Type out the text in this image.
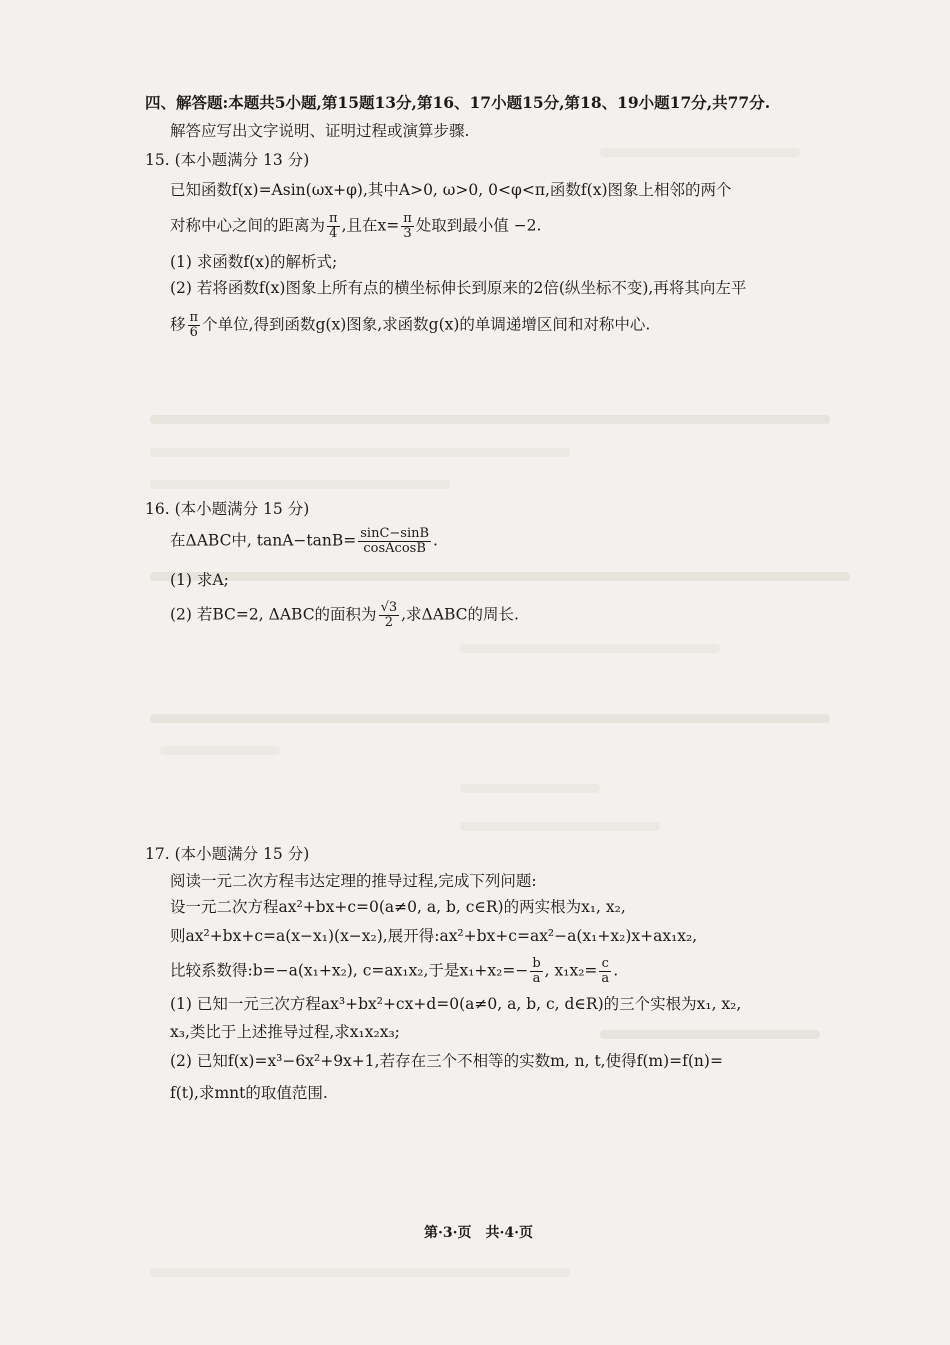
四、解答题:本题共5小题,第15题13分,第16、17小题15分,第18、19小题17分,共77分.
解答应写出文字说明、证明过程或演算步骤.
15. (本小题满分 13 分)
已知函数f(x)=Asin(ωx+φ),其中A>0, ω>0, 0<φ<π,函数f(x)图象上相邻的两个
对称中心之间的距离为 $\frac{\pi}{4}$ ,且在$x= \frac{\pi}{3}$ 处取到最小值 −2.
(1) 求函数f(x)的解析式;
(2) 若将函数f(x)图象上所有点的横坐标伸长到原来的2倍(纵坐标不变),再将其向左平
移 $\frac{\pi}{6}$ 个单位,得到函数g(x)图象,求函数g(x)的单调递增区间和对称中心.
16. (本小题满分 15 分)
在ΔABC中, $\tan A-\tan B= \frac{\sin C-\sin B}{\text{cosAcosB}}$ .
(1) 求A;
(2) 若BC=2, ΔABC的面积为 $\frac{√3}{2}$ ,求ΔABC的周长.
17. (本小题满分 15 分)
阅读一元二次方程韦达定理的推导过程,完成下列问题:
设一元二次方程ax²+bx+c=0(a≠0, a, b, c∈R)的两实根为x₁, x₂,
则ax²+bx+c=a(x−x₁)(x−x₂),展开得:ax²+bx+c=ax²−a(x₁+x₂)x+ax₁x₂,
比较系数得:b=−a(x₁+x₂), c=ax₁x₂,于是$x_1+x_2=- \frac{b}{a}$ , $x_1x_2= \frac{c}{a}$ .
(1) 已知一元三次方程ax³+bx²+cx+d=0(a≠0, a, b, c, d∈R)的三个实根为x₁, x₂,
x₃,类比于上述推导过程,求x₁x₂x₃;
(2) 已知f(x)=x³−6x²+9x+1,若存在三个不相等的实数m, n, t,使得f(m)=f(n)=
f(t),求mnt的取值范围.
第·3·页　共·4·页
